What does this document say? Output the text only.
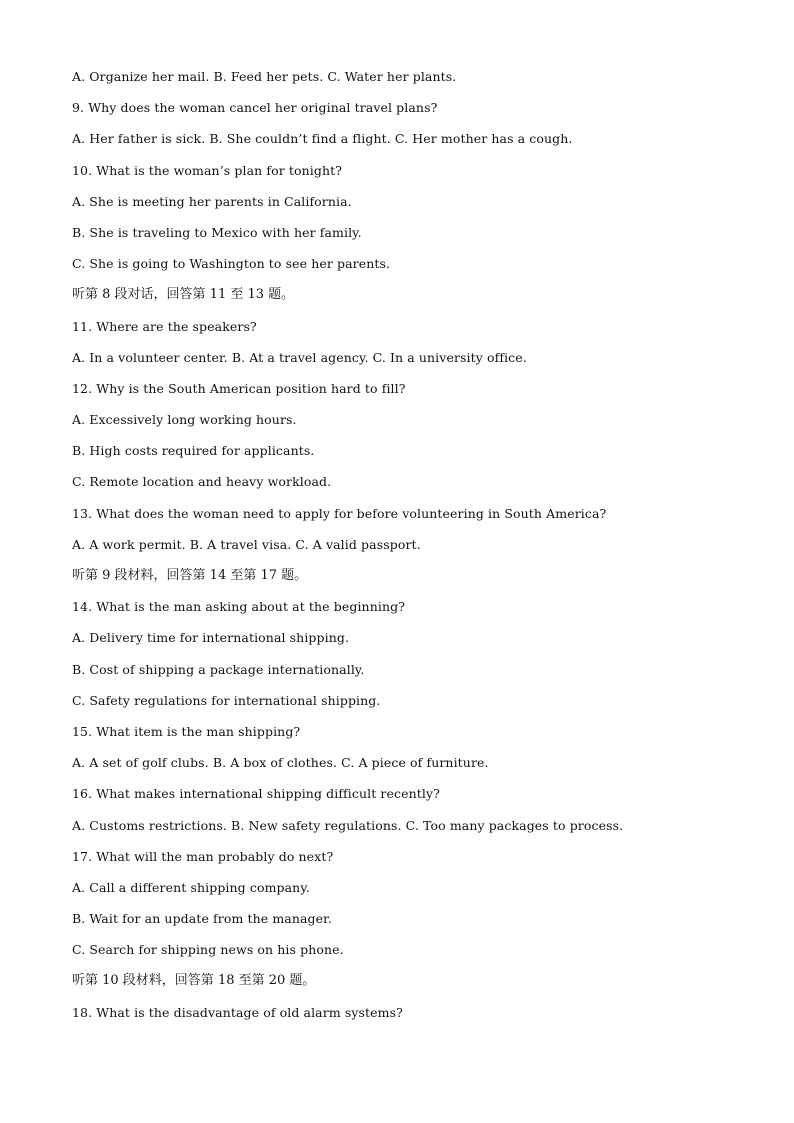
A. Organize her mail. B. Feed her pets. C. Water her plants.
9. Why does the woman cancel her original travel plans?
A. Her father is sick. B. She couldn’t find a flight. C. Her mother has a cough.
10. What is the woman’s plan for tonight?
A. She is meeting her parents in California.
B. She is traveling to Mexico with her family.
C. She is going to Washington to see her parents.
听第 8 段对话，回答第 11 至 13 题。
11. Where are the speakers?
A. In a volunteer center. B. At a travel agency. C. In a university office.
12. Why is the South American position hard to fill?
A. Excessively long working hours.
B. High costs required for applicants.
C. Remote location and heavy workload.
13. What does the woman need to apply for before volunteering in South America?
A. A work permit. B. A travel visa. C. A valid passport.
听第 9 段材料，回答第 14 至第 17 题。
14. What is the man asking about at the beginning?
A. Delivery time for international shipping.
B. Cost of shipping a package internationally.
C. Safety regulations for international shipping.
15. What item is the man shipping?
A. A set of golf clubs. B. A box of clothes. C. A piece of furniture.
16. What makes international shipping difficult recently?
A. Customs restrictions. B. New safety regulations. C. Too many packages to process.
17. What will the man probably do next?
A. Call a different shipping company.
B. Wait for an update from the manager.
C. Search for shipping news on his phone.
听第 10 段材料，回答第 18 至第 20 题。
18. What is the disadvantage of old alarm systems?
